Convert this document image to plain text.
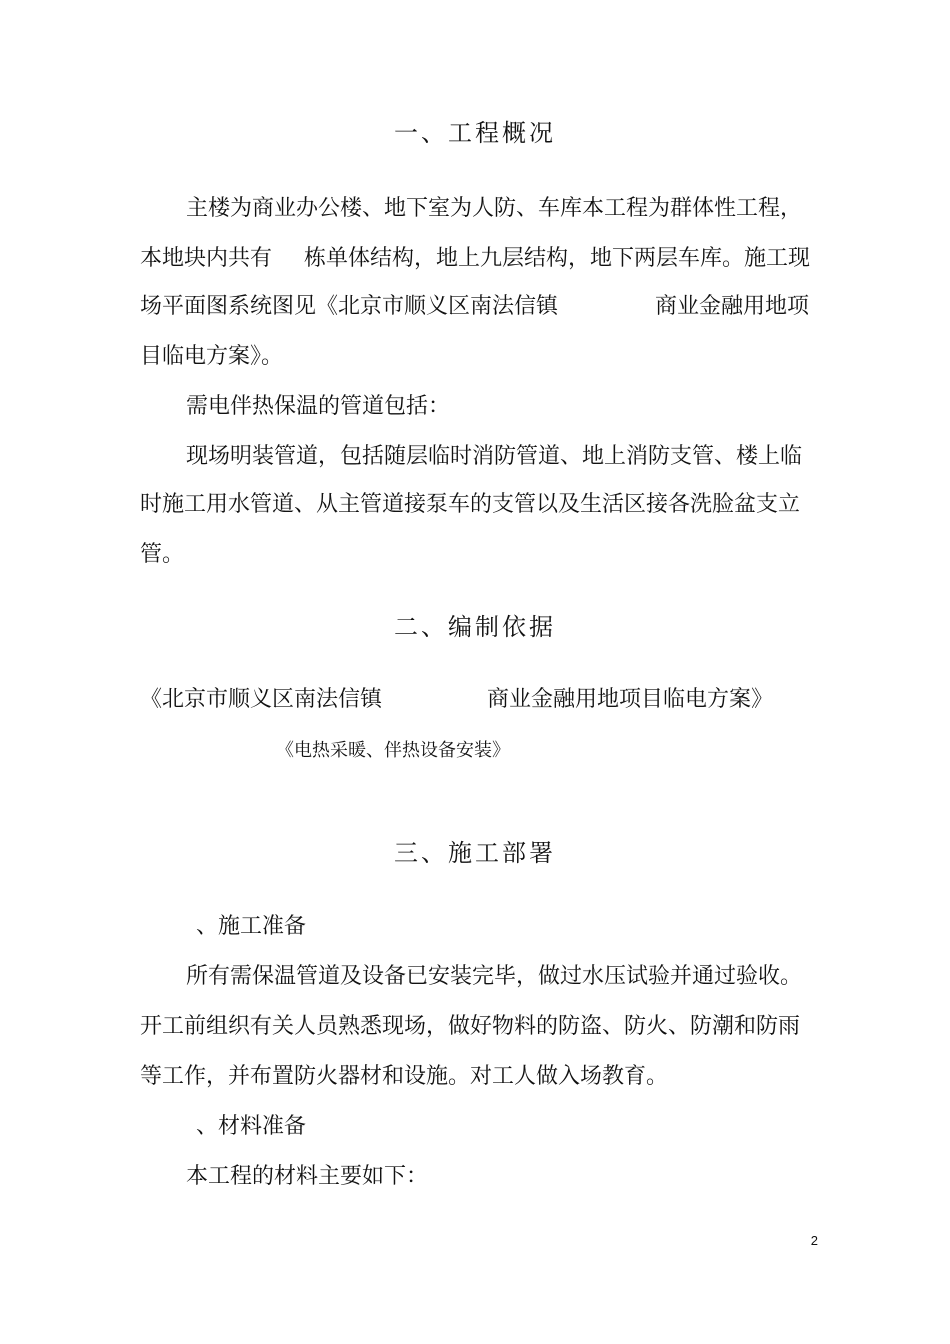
一、工程概况
主楼为商业办公楼、地下室为人防、车库本工程为群体性工程，
本地块内共有 栋单体结构，地上九层结构，地下两层车库。施工现
场平面图系统图见《北京市顺义区南法信镇	商业金融用地项
目临电方案》。
需电伴热保温的管道包括：
现场明装管道，包括随层临时消防管道、地上消防支管、楼上临
时施工用水管道、从主管道接泵车的支管以及生活区接各洗脸盆支立
管。
二、编制依据
《北京市顺义区南法信镇	商业金融用地项目临电方案》
《电热采暖、伴热设备安装》
三、施工部署
、施工准备
所有需保温管道及设备已安装完毕，做过水压试验并通过验收。
开工前组织有关人员熟悉现场，做好物料的防盗、防火、防潮和防雨
等工作，并布置防火器材和设施。对工人做入场教育。
、材料准备
本工程的材料主要如下：
2
